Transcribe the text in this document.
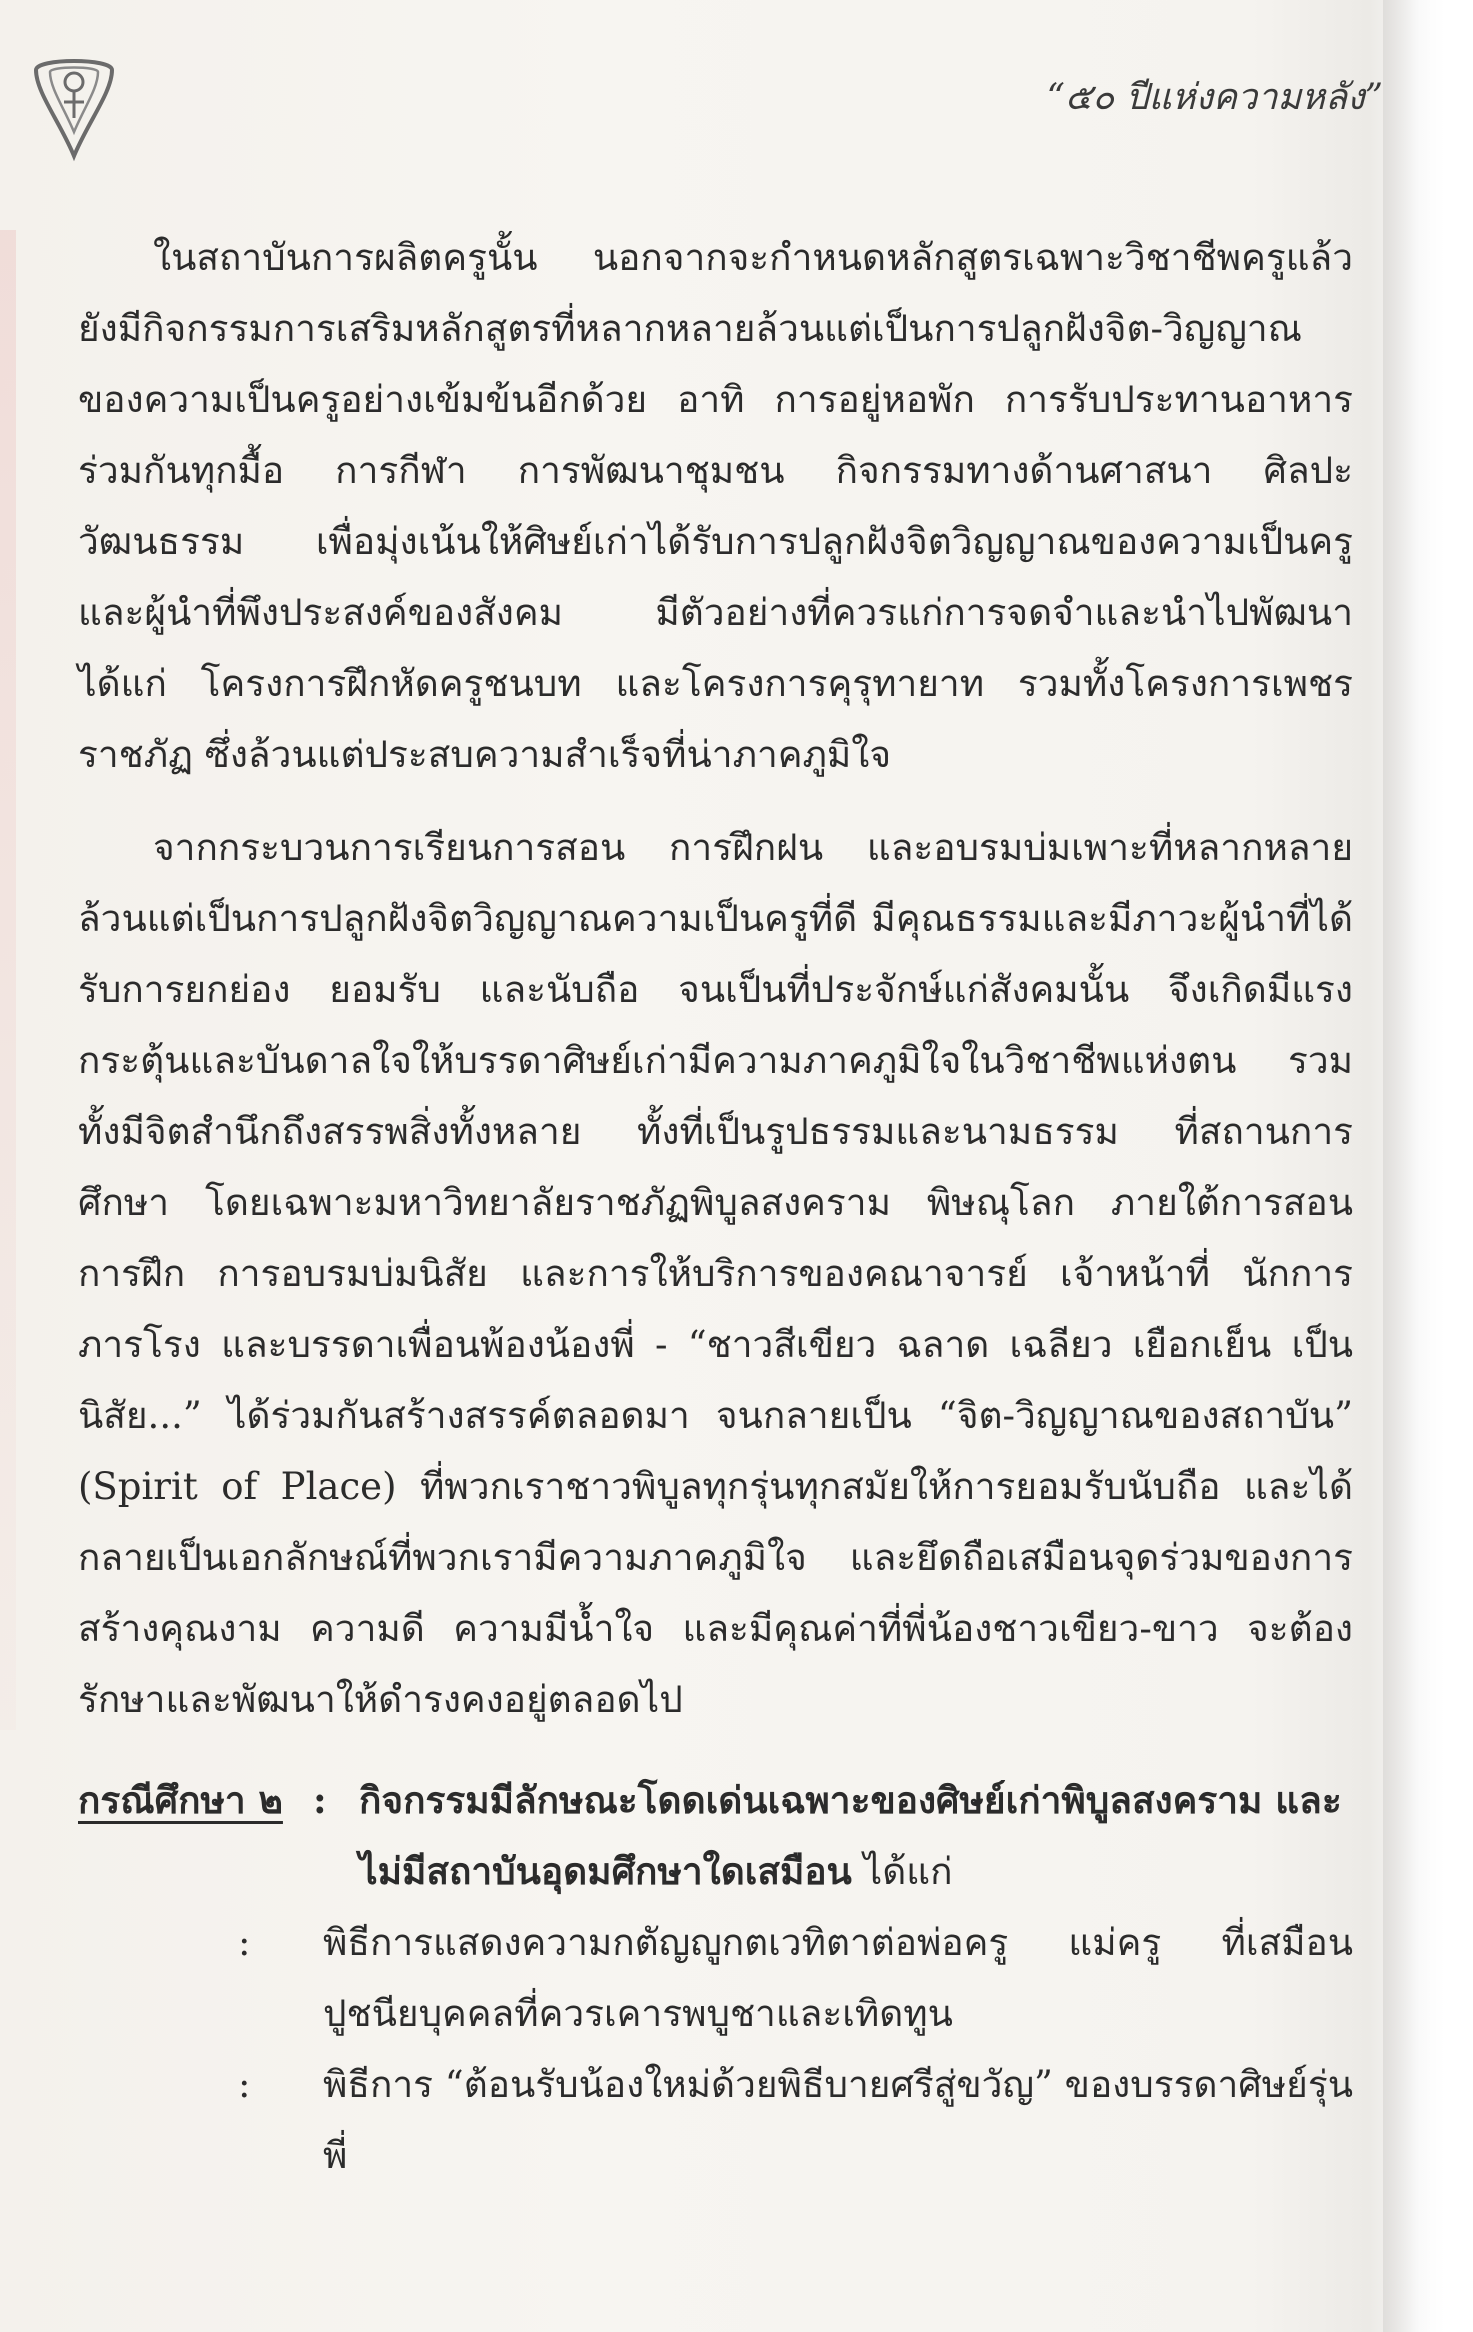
“๕๐ ปีแห่งความหลัง”

ในสถาบันการผลิตครูนั้น นอกจากจะกำหนดหลักสูตรเฉพาะวิชาชีพครูแล้ว ยังมีกิจกรรมการเสริมหลักสูตรที่หลากหลายล้วนแต่เป็นการปลูกฝังจิต-วิญญาณของความเป็นครูอย่างเข้มข้นอีกด้วย อาทิ การอยู่หอพัก การรับประทานอาหารร่วมกันทุกมื้อ การกีฬา การพัฒนาชุมชน กิจกรรมทางด้านศาสนา ศิลปะวัฒนธรรม เพื่อมุ่งเน้นให้ศิษย์เก่าได้รับการปลูกฝังจิตวิญญาณของความเป็นครูและผู้นำที่พึงประสงค์ของสังคม มีตัวอย่างที่ควรแก่การจดจำและนำไปพัฒนา ได้แก่ โครงการฝึกหัดครูชนบท และโครงการคุรุทายาท รวมทั้งโครงการเพชรราชภัฏ ซึ่งล้วนแต่ประสบความสำเร็จที่น่าภาคภูมิใจ

จากกระบวนการเรียนการสอน การฝึกฝน และอบรมบ่มเพาะที่หลากหลาย ล้วนแต่เป็นการปลูกฝังจิตวิญญาณความเป็นครูที่ดี มีคุณธรรมและมีภาวะผู้นำที่ได้รับการยกย่อง ยอมรับ และนับถือ จนเป็นที่ประจักษ์แก่สังคมนั้น จึงเกิดมีแรงกระตุ้นและบันดาลใจให้บรรดาศิษย์เก่ามีความภาคภูมิใจในวิชาชีพแห่งตน รวมทั้งมีจิตสำนึกถึงสรรพสิ่งทั้งหลาย ทั้งที่เป็นรูปธรรมและนามธรรม ที่สถานการศึกษา โดยเฉพาะมหาวิทยาลัยราชภัฏพิบูลสงคราม พิษณุโลก ภายใต้การสอน การฝึก การอบรมบ่มนิสัย และการให้บริการของคณาจารย์ เจ้าหน้าที่ นักการภารโรง และบรรดาเพื่อนพ้องน้องพี่ - “ชาวสีเขียว ฉลาด เฉลียว เยือกเย็น เป็นนิสัย...” ได้ร่วมกันสร้างสรรค์ตลอดมา จนกลายเป็น “จิต-วิญญาณของสถาบัน” (Spirit of Place) ที่พวกเราชาวพิบูลทุกรุ่นทุกสมัยให้การยอมรับนับถือ และได้กลายเป็นเอกลักษณ์ที่พวกเรามีความภาคภูมิใจ และยึดถือเสมือนจุดร่วมของการสร้างคุณงาม ความดี ความมีน้ำใจ และมีคุณค่าที่พี่น้องชาวเขียว-ขาว จะต้องรักษาและพัฒนาให้ดำรงคงอยู่ตลอดไป

กรณีศึกษา ๒ : กิจกรรมมีลักษณะโดดเด่นเฉพาะของศิษย์เก่าพิบูลสงคราม และไม่มีสถาบันอุดมศึกษาใดเสมือน ได้แก่
:	พิธีการแสดงความกตัญญูกตเวทิตาต่อพ่อครู แม่ครู ที่เสมือนปูชนียบุคคลที่ควรเคารพบูชาและเทิดทูน
:	พิธีการ “ต้อนรับน้องใหม่ด้วยพิธีบายศรีสู่ขวัญ” ของบรรดาศิษย์รุ่นพี่
